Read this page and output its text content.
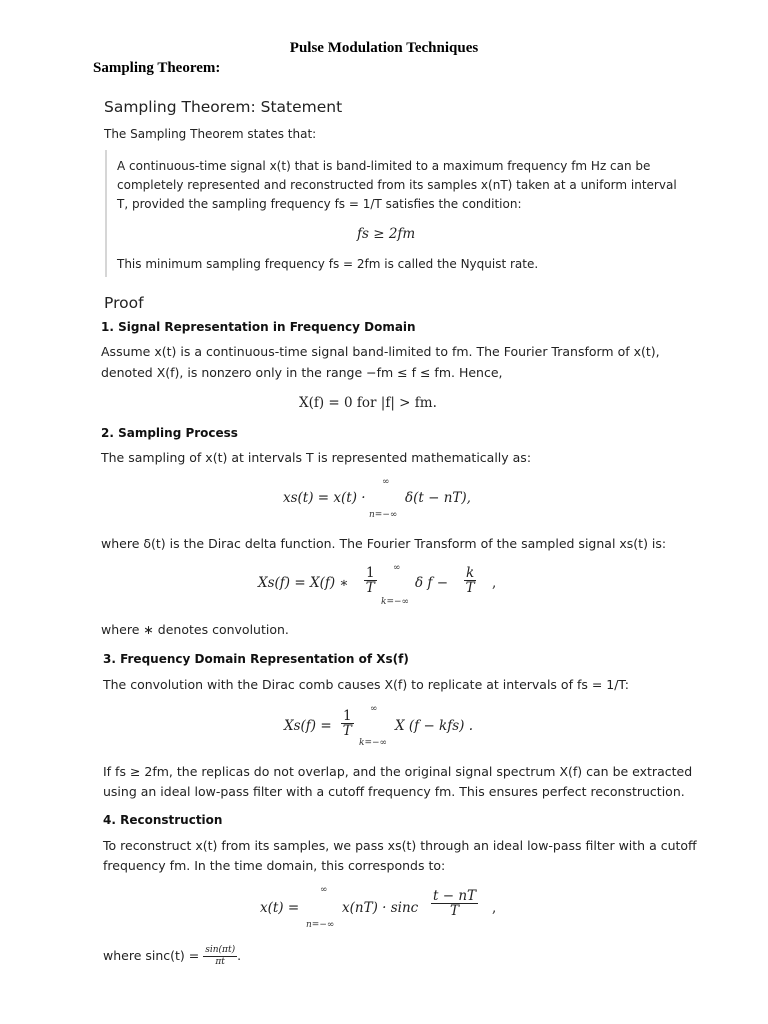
Pulse Modulation Techniques
Sampling Theorem:
Sampling Theorem: Statement
The Sampling Theorem states that:
A continuous-time signal x(t) that is band-limited to a maximum frequency fm Hz can be
completely represented and reconstructed from its samples x(nT) taken at a uniform interval
T, provided the sampling frequency fs = 1/T satisfies the condition:
fs ≥ 2fm
This minimum sampling frequency fs = 2fm is called the Nyquist rate.
Proof
1. Signal Representation in Frequency Domain
Assume x(t) is a continuous-time signal band-limited to fm. The Fourier Transform of x(t),
denoted X(f), is nonzero only in the range −fm ≤ f ≤ fm. Hence,
X(f) = 0 for |f| > fm.
2. Sampling Process
The sampling of x(t) at intervals T is represented mathematically as:
∞
xs(t) = x(t) ·	δ(t − nT),
n=−∞
where δ(t) is the Dirac delta function. The Fourier Transform of the sampled signal xs(t) is:
∞
Xs(f) = X(f) ∗ $\frac{1}{T}$	δ $f - \frac{k}{T}$ ,
k=−∞
where ∗ denotes convolution.
3. Frequency Domain Representation of Xs(f)
The convolution with the Dirac comb causes X(f) to replicate at intervals of fs = 1/T:
∞
$Xs(f) = \frac{1}{T}$	X (f − kfs) .
k=−∞
If fs ≥ 2fm, the replicas do not overlap, and the original signal spectrum X(f) can be extracted
using an ideal low-pass filter with a cutoff frequency fm. This ensures perfect reconstruction.
4. Reconstruction
To reconstruct x(t) from its samples, we pass xs(t) through an ideal low-pass filter with a cutoff
frequency fm. In the time domain, this corresponds to:
∞
x(t) =	x(nT) · sinc $\frac{t - nT}{T}$ ,
n=−∞
where $\sin c(t) = \frac{\sin(\pi t)}{\pi t}$ .
